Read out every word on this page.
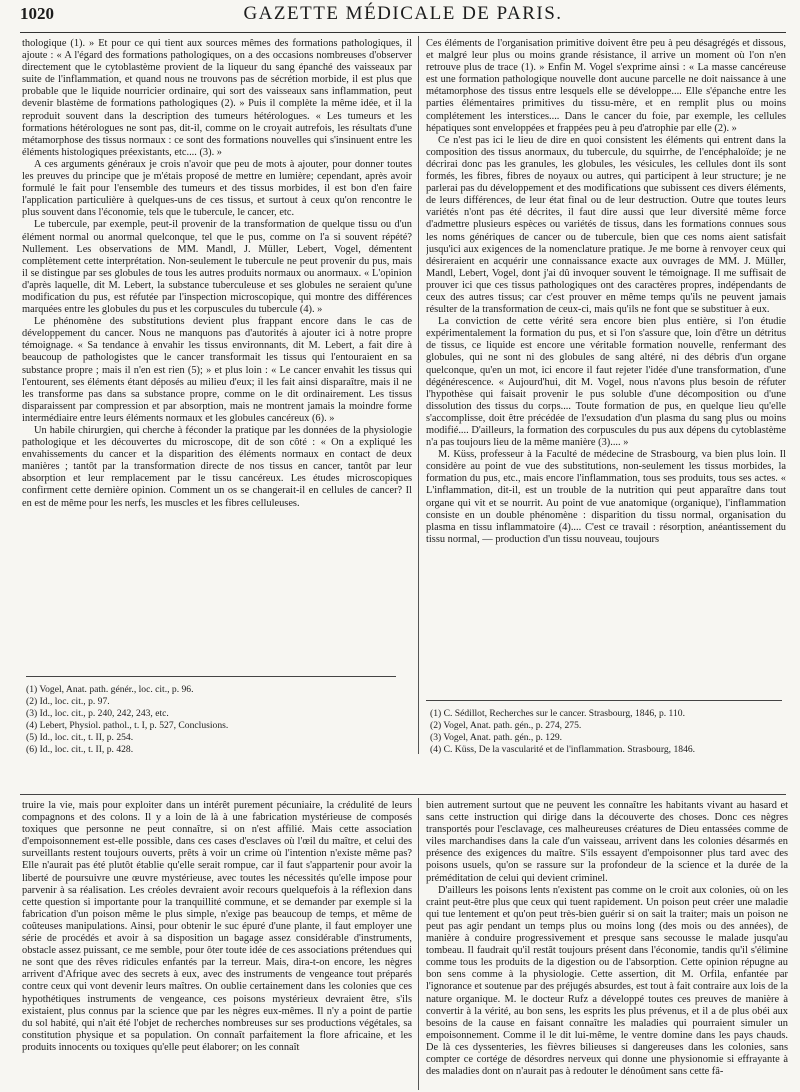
1020	GAZETTE MÉDICALE DE PARIS.

thologique (1). » Et pour ce qui tient aux sources mêmes des formations pathologiques, il ajoute : « A l'égard des formations pathologiques, on a des occasions nombreuses d'observer directement que le cytoblastème provient de la liqueur du sang épanché des vaisseaux par suite de l'inflammation, et quand nous ne trouvons pas de sécrétion morbide, il est plus que probable que le liquide nourricier ordinaire, qui sort des vaisseaux sans inflammation, peut devenir blastème de formations pathologiques (2). » Puis il complète la même idée, et il la reproduit souvent dans la description des tumeurs hétérologues. « Les tumeurs et les formations hétérologues ne sont pas, dit-il, comme on le croyait autrefois, les résultats d'une métamorphose des tissus normaux : ce sont des formations nouvelles qui s'insinuent entre les éléments histologiques préexistants, etc.... (3). »

A ces arguments généraux je crois n'avoir que peu de mots à ajouter, pour donner toutes les preuves du principe que je m'étais proposé de mettre en lumière; cependant, après avoir formulé le fait pour l'ensemble des tumeurs et des tissus morbides, il est bon d'en faire l'application particulière à quelques-uns de ces tissus, et surtout à ceux qu'on rencontre le plus souvent dans l'économie, tels que le tubercule, le cancer, etc.

Le tubercule, par exemple, peut-il provenir de la transformation de quelque tissu ou d'un élément normal ou anormal quelconque, tel que le pus, comme on l'a si souvent répété? Nullement. Les observations de MM. Mandl, J. Müller, Lebert, Vogel, démentent complètement cette interprétation. Non-seulement le tubercule ne peut provenir du pus, mais il se distingue par ses globules de tous les autres produits normaux ou anormaux. « L'opinion d'après laquelle, dit M. Lebert, la substance tuberculeuse et ses globules ne seraient qu'une modification du pus, est réfutée par l'inspection microscopique, qui montre des différences marquées entre les globules du pus et les corpuscules du tubercule (4). »

Le phénomène des substitutions devient plus frappant encore dans le cas de développement du cancer. Nous ne manquons pas d'autorités à ajouter ici à notre propre témoignage. « Sa tendance à envahir les tissus environnants, dit M. Lebert, a fait dire à beaucoup de pathologistes que le cancer transformait les tissus qui l'entouraient en sa substance propre ; mais il n'en est rien (5); » et plus loin : « Le cancer envahit les tissus qui l'entourent, ses éléments étant déposés au milieu d'eux; il les fait ainsi disparaître, mais il ne les transforme pas dans sa substance propre, comme on le dit ordinairement. Les tissus disparaissent par compression et par absorption, mais ne montrent jamais la moindre forme intermédiaire entre leurs éléments normaux et les globules cancéreux (6). »

Un habile chirurgien, qui cherche à féconder la pratique par les données de la physiologie pathologique et les découvertes du microscope, dit de son côté : « On a expliqué les envahissements du cancer et la disparition des éléments normaux en contact de deux manières ; tantôt par la transformation directe de nos tissus en cancer, tantôt par leur absorption et leur remplacement par le tissu cancéreux. Les études microscopiques confirment cette dernière opinion. Comment un os se changerait-il en cellules de cancer? Il en est de même pour les nerfs, les muscles et les fibres celluleuses.

Ces éléments de l'organisation primitive doivent être peu à peu désagrégés et dissous, et malgré leur plus ou moins grande résistance, il arrive un moment où l'on n'en retrouve plus de trace (1). » Enfin M. Vogel s'exprime ainsi : « La masse cancéreuse est une formation pathologique nouvelle dont aucune parcelle ne doit naissance à une métamorphose des tissus entre lesquels elle se développe.... Elle s'épanche entre les parties élémentaires primitives du tissu-mère, et en remplit plus ou moins complétement les interstices.... Dans le cancer du foie, par exemple, les cellules hépatiques sont enveloppées et frappées peu à peu d'atrophie par elle (2). »

Ce n'est pas ici le lieu de dire en quoi consistent les éléments qui entrent dans la composition des tissus anormaux, du tubercule, du squirrhe, de l'encéphaloïde; je ne décrirai donc pas les granules, les globules, les vésicules, les cellules dont ils sont formés, les fibres, fibres de noyaux ou autres, qui participent à leur structure; je ne parlerai pas du développement et des modifications que subissent ces divers éléments, de leurs différences, de leur état final ou de leur destruction. Outre que toutes leurs variétés n'ont pas été décrites, il faut dire aussi que leur diversité même force d'admettre plusieurs espèces ou variétés de tissus, dans les formations connues sous les noms génériques de cancer ou de tubercule, bien que ces noms aient satisfait jusqu'ici aux exigences de la nomenclature pratique. Je me borne à renvoyer ceux qui désireraient en acquérir une connaissance exacte aux ouvrages de MM. J. Müller, Mandl, Lebert, Vogel, dont j'ai dû invoquer souvent le témoignage. Il me suffisait de prouver ici que ces tissus pathologiques ont des caractères propres, indépendants de ceux des autres tissus; car c'est prouver en même temps qu'ils ne peuvent jamais résulter de la transformation de ceux-ci, mais qu'ils ne font que se substituer à eux.

La conviction de cette vérité sera encore bien plus entière, si l'on étudie expérimentalement la formation du pus, et si l'on s'assure que, loin d'être un détritus de tissus, ce liquide est encore une véritable formation nouvelle, renfermant des globules, qui ne sont ni des globules de sang altéré, ni des débris d'un organe quelconque, qu'en un mot, ici encore il faut rejeter l'idée d'une transformation, d'une dégénérescence. « Aujourd'hui, dit M. Vogel, nous n'avons plus besoin de réfuter l'hypothèse qui faisait provenir le pus soluble d'une décomposition ou d'une dissolution des tissus du corps.... Toute formation de pus, en quelque lieu qu'elle s'accomplisse, doit être précédée de l'exsudation d'un plasma du sang plus ou moins modifié.... D'ailleurs, la formation des corpuscules du pus aux dépens du cytoblastème n'a pas toujours lieu de la même manière (3).... »

M. Küss, professeur à la Faculté de médecine de Strasbourg, va bien plus loin. Il considère au point de vue des substitutions, non-seulement les tissus morbides, la formation du pus, etc., mais encore l'inflammation, tous ses produits, tous ses actes. « L'inflammation, dit-il, est un trouble de la nutrition qui peut apparaître dans tout organe qui vit et se nourrit. Au point de vue anatomique (organique), l'inflammation consiste en un double phénomène : disparition du tissu normal, organisation du plasma en tissu inflammatoire (4).... C'est ce travail : résorption, anéantissement du tissu normal, — production d'un tissu nouveau, toujours

(1) Vogel, Anat. path. génér., loc. cit., p. 96.
(2) Id., loc. cit., p. 97.
(3) Id., loc. cit., p. 240, 242, 243, etc.
(4) Lebert, Physiol. pathol., t. I, p. 527, Conclusions.
(5) Id., loc. cit., t. II, p. 254.
(6) Id., loc. cit., t. II, p. 428.
(1) C. Sédillot, Recherches sur le cancer. Strasbourg, 1846, p. 110.
(2) Vogel, Anat. path. gén., p. 274, 275.
(3) Vogel, Anat. path. gén., p. 129.
(4) C. Küss, De la vascularité et de l'inflammation. Strasbourg, 1846.

truire la vie, mais pour exploiter dans un intérêt purement pécuniaire, la crédulité de leurs compagnons et des colons. Il y a loin de là à une fabrication mystérieuse de composés toxiques que personne ne peut connaître, si on n'est affilié. Mais cette association d'empoisonnement est-elle possible, dans ces cases d'esclaves où l'œil du maître, et celui des surveillants restent toujours ouverts, prêts à voir un crime où l'intention n'existe même pas? Elle n'aurait pas été plutôt établie qu'elle serait rompue, car il faut s'appartenir pour avoir la liberté de poursuivre une œuvre mystérieuse, avec toutes les nécessités qu'elle impose pour parvenir à sa réalisation. Les créoles devraient avoir recours quelquefois à la réflexion dans cette question si importante pour la tranquillité commune, et se demander par exemple si la fabrication d'un poison même le plus simple, n'exige pas beaucoup de temps, et même de coûteuses manipulations. Ainsi, pour obtenir le suc épuré d'une plante, il faut employer une série de procédés et avoir à sa disposition un bagage assez considérable d'instruments, obstacle assez puissant, ce me semble, pour ôter toute idée de ces associations prétendues qui ne sont que des rêves ridicules enfantés par la terreur. Mais, dira-t-on encore, les nègres arrivent d'Afrique avec des secrets à eux, avec des instruments de vengeance tout préparés contre ceux qui vont devenir leurs maîtres. On oublie certainement dans les colonies que ces hypothétiques instruments de vengeance, ces poisons mystérieux devraient être, s'ils existaient, plus connus par la science que par les nègres eux-mêmes. Il n'y a point de partie du sol habité, qui n'ait été l'objet de recherches nombreuses sur ses productions végétales, sa constitution physique et sa population. On connaît parfaitement la flore africaine, et les produits innocents ou toxiques qu'elle peut élaborer; on les connaît

bien autrement surtout que ne peuvent les connaître les habitants vivant au hasard et sans cette instruction qui dirige dans la découverte des choses. Donc ces nègres transportés pour l'esclavage, ces malheureuses créatures de Dieu entassées comme de viles marchandises dans la cale d'un vaisseau, arrivent dans les colonies désarmés en présence des exigences du maître. S'ils essayent d'empoisonner plus tard avec des poisons usuels, qu'on se rassure sur la profondeur de la science et la durée de la préméditation de celui qui devient criminel.

D'ailleurs les poisons lents n'existent pas comme on le croit aux colonies, où on les craint peut-être plus que ceux qui tuent rapidement. Un poison peut créer une maladie qui tue lentement et qu'on peut très-bien guérir si on sait la traiter; mais un poison ne peut pas agir pendant un temps plus ou moins long (des mois ou des années), de manière à conduire progressivement et presque sans secousse le malade jusqu'au tombeau. Il faudrait qu'il restât toujours présent dans l'économie, tandis qu'il s'élimine comme tous les produits de la digestion ou de l'absorption. Cette opinion répugne au bon sens comme à la physiologie. Cette assertion, dit M. Orfila, enfantée par l'ignorance et soutenue par des préjugés absurdes, est tout à fait contraire aux lois de la nature organique. M. le docteur Rufz a développé toutes ces preuves de manière à convertir à la vérité, au bon sens, les esprits les plus prévenus, et il a de plus obéi aux besoins de la cause en faisant connaître les maladies qui pourraient simuler un empoisonnement. Comme il le dit lui-même, le ventre domine dans les pays chauds. De là ces dyssenteries, les fièvres bilieuses si dangereuses dans les colonies, sans compter ce cortége de désordres nerveux qui donne une physionomie si effrayante à des maladies dont on n'aurait pas à redouter le dénoûment sans cette fâ-
